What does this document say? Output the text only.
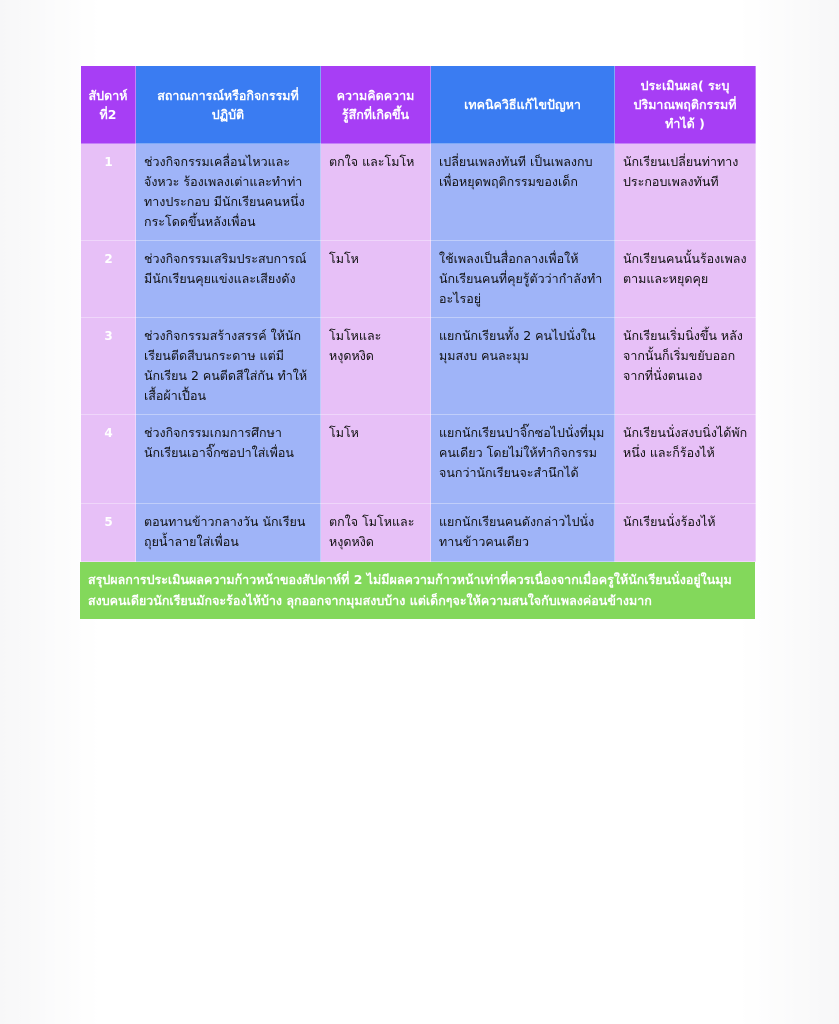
สัปดาห์ที่2	สถาณการณ์หรือกิจกรรมที่ปฏิบัติ	ความคิดความรู้สึกที่เกิดขึ้น	เทคนิควิธีแก้ไขปัญหา	ประเมินผล( ระบุปริมาณพฤติกรรมที่ทำได้ )
1	ช่วงกิจกรรมเคลื่อนไหวและจังหวะ ร้องเพลงเต่าและทำท่าทางประกอบ มีนักเรียนคนหนึ่งกระโดดขึ้นหลังเพื่อน	ตกใจ และโมโห	เปลี่ยนเพลงทันที เป็นเพลงกบเพื่อหยุดพฤติกรรมของเด็ก	นักเรียนเปลี่ยนท่าทางประกอบเพลงทันที
2	ช่วงกิจกรรมเสริมประสบการณ์ มีนักเรียนคุยแข่งและเสียงดัง	โมโห	ใช้เพลงเป็นสื่อกลางเพื่อให้นักเรียนคนที่คุยรู้ตัวว่ากำลังทำอะไรอยู่	นักเรียนคนนั้นร้องเพลงตามและหยุดคุย
3	ช่วงกิจกรรมสร้างสรรค์ ให้นักเรียนตีดสีบนกระดาษ แต่มีนักเรียน 2 คนตีดสีใส่กัน ทำให้เสื้อผ้าเปื้อน	โมโหและหงุดหงิด	แยกนักเรียนทั้ง 2 คนไปนั่งในมุมสงบ คนละมุม	นักเรียนเริ่มนิ่งขึ้น หลังจากนั้นก็เริ่มขยับออกจากที่นั่งตนเอง
4	ช่วงกิจกรรมเกมการศึกษา นักเรียนเอาจิ๊กซอปาใส่เพื่อน	โมโห	แยกนักเรียนปาจิ๊กซอไปนั่งที่มุมคนเดียว โดยไม่ให้ทำกิจกรรม จนกว่านักเรียนจะสำนึกได้	นักเรียนนั่งสงบนิ่งได้พักหนึ่ง และก็ร้องไห้
5	ตอนทานข้าวกลางวัน นักเรียนถุยน้ำลายใส่เพื่อน	ตกใจ โมโหและหงุดหงิด	แยกนักเรียนคนดังกล่าวไปนั่งทานข้าวคนเดียว	นักเรียนนั่งร้องไห้
สรุปผลการประเมินผลความก้าวหน้าของสัปดาห์ที่ 2 ไม่มีผลความก้าวหน้าเท่าที่ควรเนื่องจากเมื่อครูให้นักเรียนนั่งอยู่ในมุมสงบคนเดียวนักเรียนมักจะร้องไห้บ้าง ลุกออกจากมุมสงบบ้าง แต่เด็กๆจะให้ความสนใจกับเพลงค่อนข้างมาก
